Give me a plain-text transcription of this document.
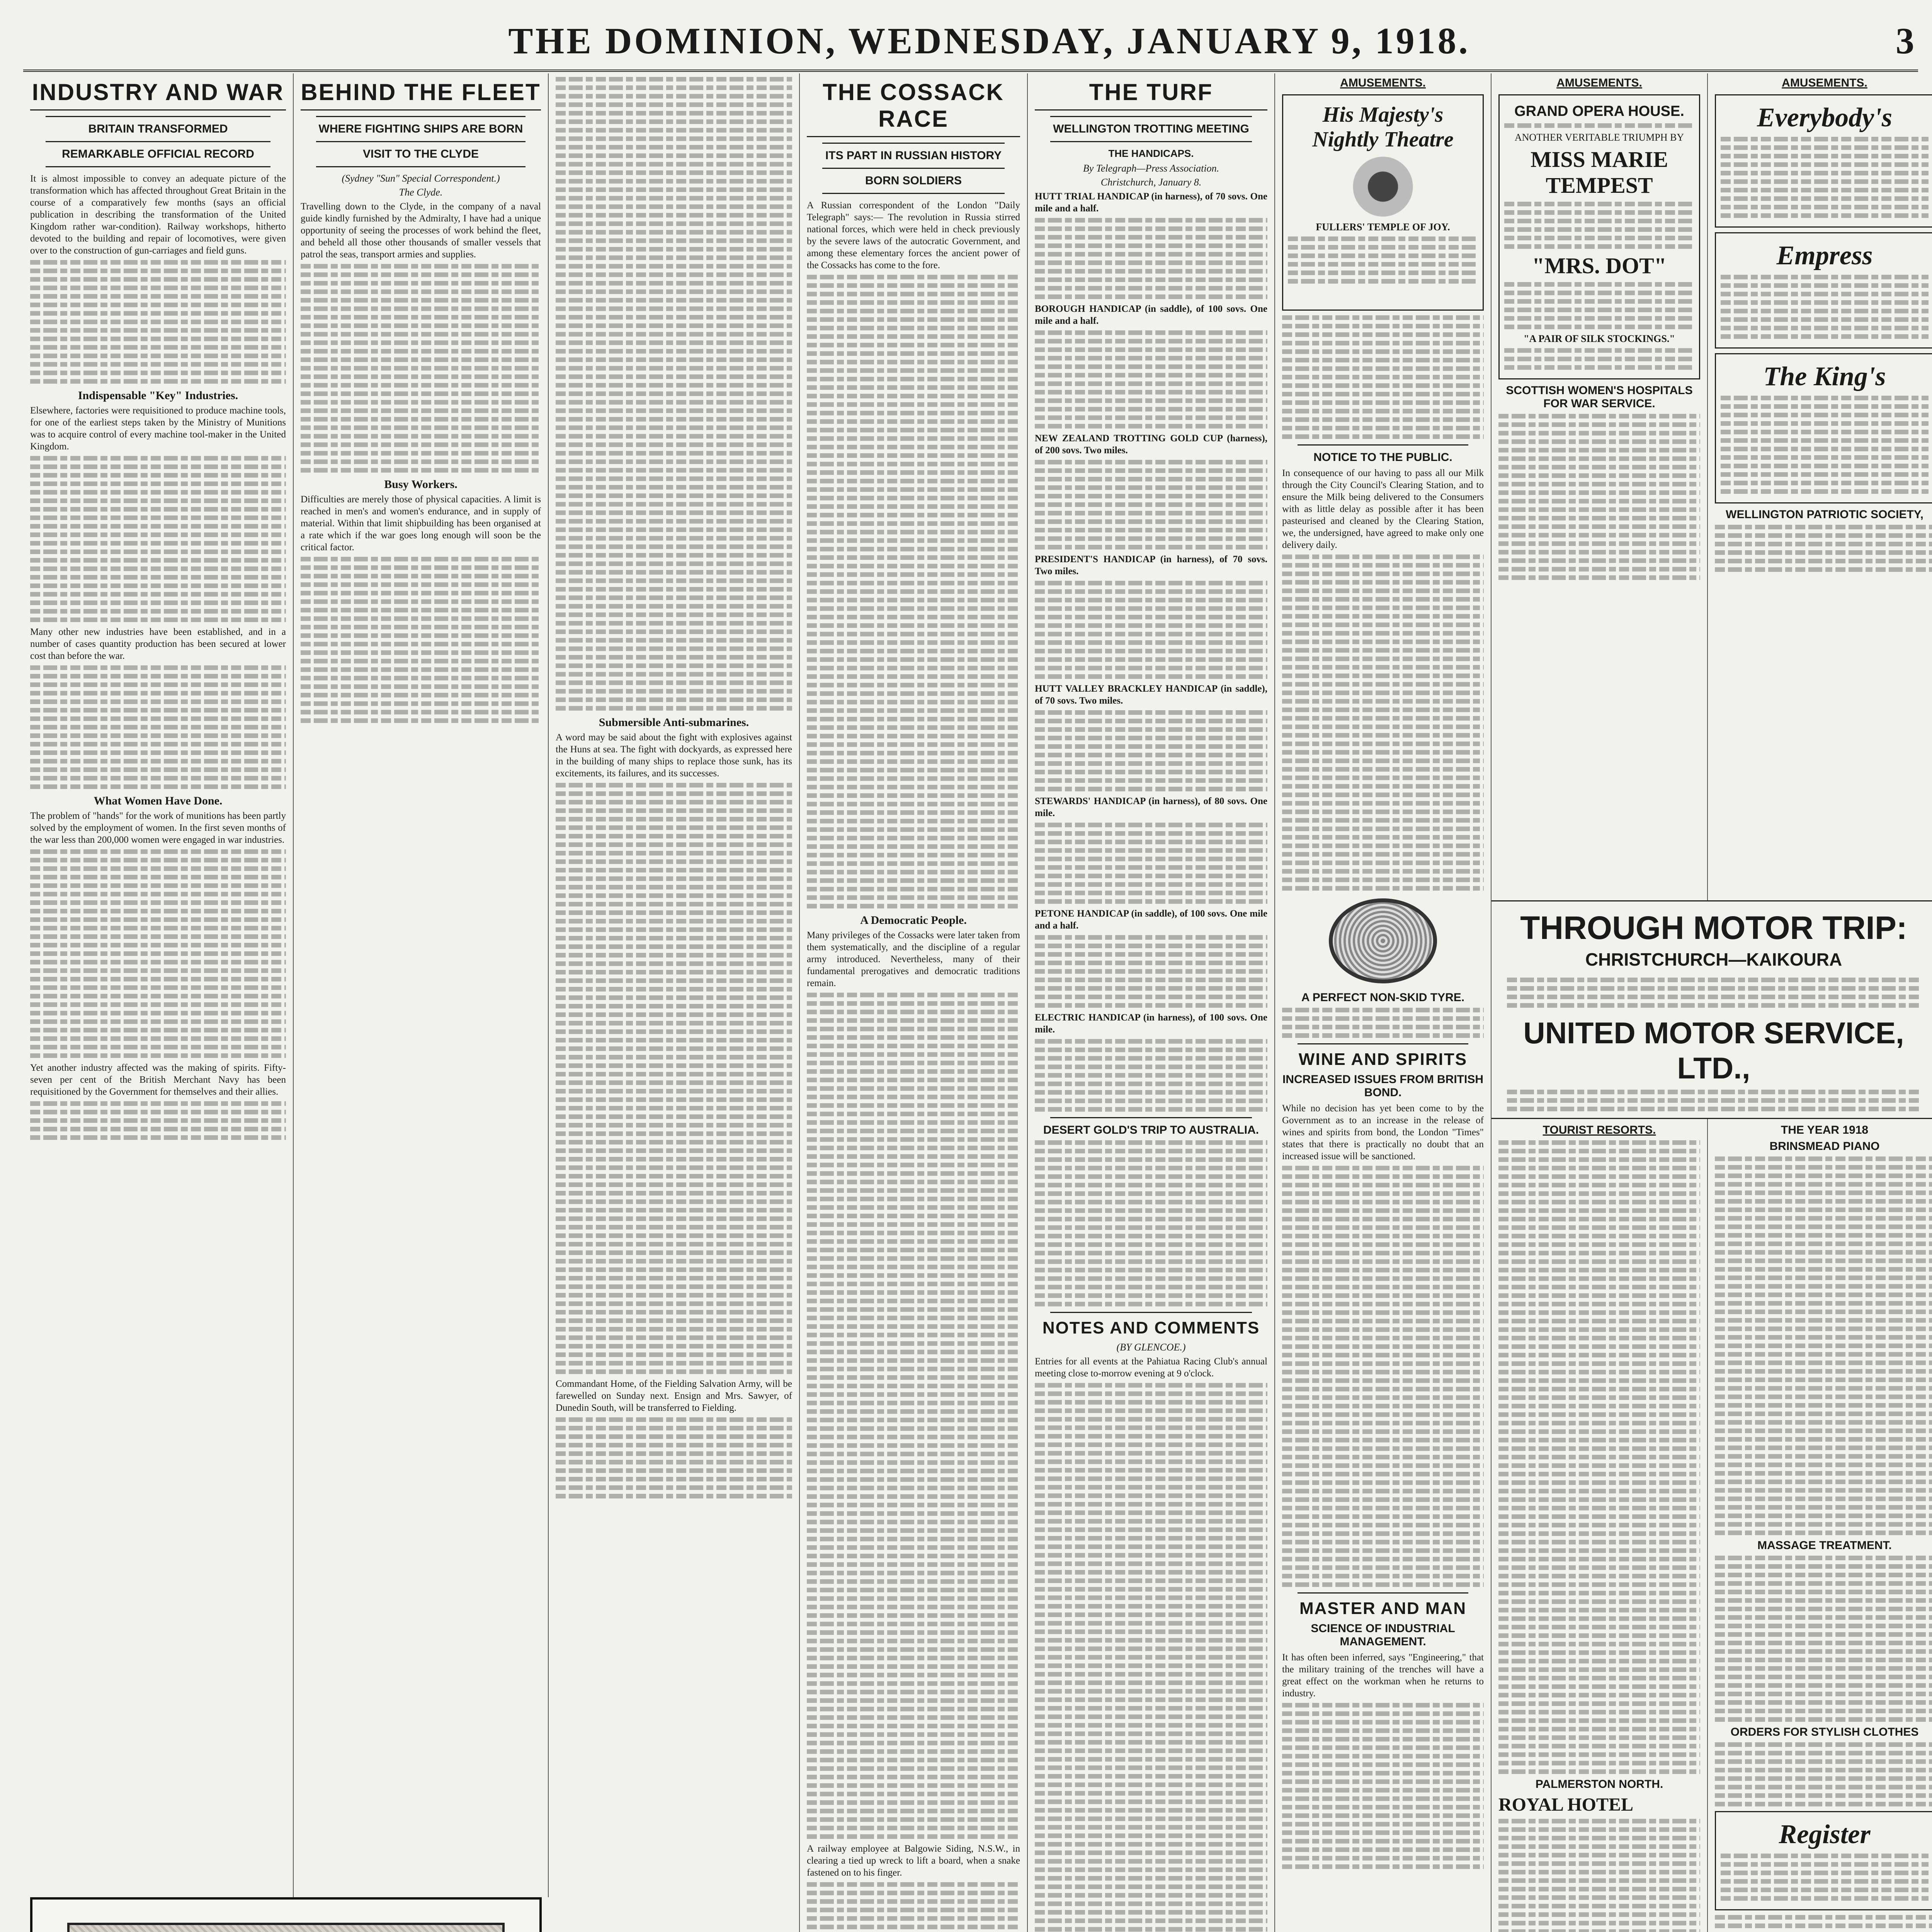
THE DOMINION, WEDNESDAY, JANUARY 9, 1918.	3
INDUSTRY AND WAR
BRITAIN TRANSFORMED
REMARKABLE OFFICIAL RECORD

It is almost impossible to convey an adequate picture of the transformation which has affected throughout Great Britain in the course of a comparatively few months (says an official publication in describing the transformation of the United Kingdom rather war-condition). Railway workshops, hitherto devoted to the building and repair of locomotives, were given over to the construction of gun-carriages and field guns.

Indispensable "Key" Industries.

Elsewhere, factories were requisitioned to produce machine tools, for one of the earliest steps taken by the Ministry of Munitions was to acquire control of every machine tool-maker in the United Kingdom.

Many other new industries have been established, and in a number of cases quantity production has been secured at lower cost than before the war.

What Women Have Done.

The problem of "hands" for the work of munitions has been partly solved by the employment of women. In the first seven months of the war less than 200,000 women were engaged in war industries.

Yet another industry affected was the making of spirits. Fifty-seven per cent of the British Merchant Navy has been requisitioned by the Government for themselves and their allies.

BEHIND THE FLEET
WHERE FIGHTING SHIPS ARE BORN
VISIT TO THE CLYDE
(Sydney "Sun" Special Correspondent.)
The Clyde.

Travelling down to the Clyde, in the company of a naval guide kindly furnished by the Admiralty, I have had a unique opportunity of seeing the processes of work behind the fleet, and beheld all those other thousands of smaller vessels that patrol the seas, transport armies and supplies.

Busy Workers.

Difficulties are merely those of physical capacities. A limit is reached in men's and women's endurance, and in supply of material. Within that limit shipbuilding has been organised at a rate which if the war goes long enough will soon be the critical factor.

Submersible Anti-submarines.

A word may be said about the fight with explosives against the Huns at sea. The fight with dockyards, as expressed here in the building of many ships to replace those sunk, has its excitements, its failures, and its successes.

Commandant Home, of the Fielding Salvation Army, will be farewelled on Sunday next. Ensign and Mrs. Sawyer, of Dunedin South, will be transferred to Fielding.

THE COSSACK RACE
ITS PART IN RUSSIAN HISTORY
BORN SOLDIERS

A Russian correspondent of the London "Daily Telegraph" says:— The revolution in Russia stirred national forces, which were held in check previously by the severe laws of the autocratic Government, and among these elementary forces the ancient power of the Cossacks has come to the fore.

A Democratic People.

Many privileges of the Cossacks were later taken from them systematically, and the discipline of a regular army introduced. Nevertheless, many of their fundamental prerogatives and democratic traditions remain.

A railway employee at Balgowie Siding, N.S.W., in clearing a tied up wreck to lift a board, when a snake fastened on to his finger.

THE TURF
WELLINGTON TROTTING MEETING
THE HANDICAPS.
By Telegraph—Press Association.
Christchurch, January 8.

HUTT TRIAL HANDICAP (in harness), of 70 sovs. One mile and a half.

BOROUGH HANDICAP (in saddle), of 100 sovs. One mile and a half.

NEW ZEALAND TROTTING GOLD CUP (harness), of 200 sovs. Two miles.

PRESIDENT'S HANDICAP (in harness), of 70 sovs. Two miles.

HUTT VALLEY BRACKLEY HANDICAP (in saddle), of 70 sovs. Two miles.

STEWARDS' HANDICAP (in harness), of 80 sovs. One mile.

PETONE HANDICAP (in saddle), of 100 sovs. One mile and a half.

ELECTRIC HANDICAP (in harness), of 100 sovs. One mile.

DESERT GOLD'S TRIP TO AUSTRALIA.
NOTES AND COMMENTS
(BY GLENCOE.)

Entries for all events at the Pahiatua Racing Club's annual meeting close to-morrow evening at 9 o'clock.

AMUSEMENTS.
His Majesty's Nightly Theatre
FULLERS' TEMPLE OF JOY.
NOTICE TO THE PUBLIC.

In consequence of our having to pass all our Milk through the City Council's Clearing Station, and to ensure the Milk being delivered to the Consumers with as little delay as possible after it has been pasteurised and cleaned by the Clearing Station, we, the undersigned, have agreed to make only one delivery daily.

A PERFECT NON-SKID TYRE.
WINE AND SPIRITS
INCREASED ISSUES FROM BRITISH BOND.

While no decision has yet been come to by the Government as to an increase in the release of wines and spirits from bond, the London "Times" states that there is practically no doubt that an increased issue will be sanctioned.

MASTER AND MAN
SCIENCE OF INDUSTRIAL MANAGEMENT.

It has often been inferred, says "Engineering," that the military training of the trenches will have a great effect on the workman when he returns to industry.

AMUSEMENTS.
GRAND OPERA HOUSE.
ANOTHER VERITABLE TRIUMPH BY
MISS MARIE TEMPEST
"MRS. DOT"
"A PAIR OF SILK STOCKINGS."
SCOTTISH WOMEN'S HOSPITALS FOR WAR SERVICE.
AMUSEMENTS.
Everybody's
Empress
The King's
WELLINGTON PATRIOTIC SOCIETY,
THROUGH MOTOR TRIP:
CHRISTCHURCH—KAIKOURA
UNITED MOTOR SERVICE, LTD.,
TOURIST RESORTS.
PALMERSTON NORTH.
ROYAL HOTEL
THE YEAR 1918
BRINSMEAD PIANO
MASSAGE TREATMENT.
ORDERS FOR STYLISH CLOTHES
Register
